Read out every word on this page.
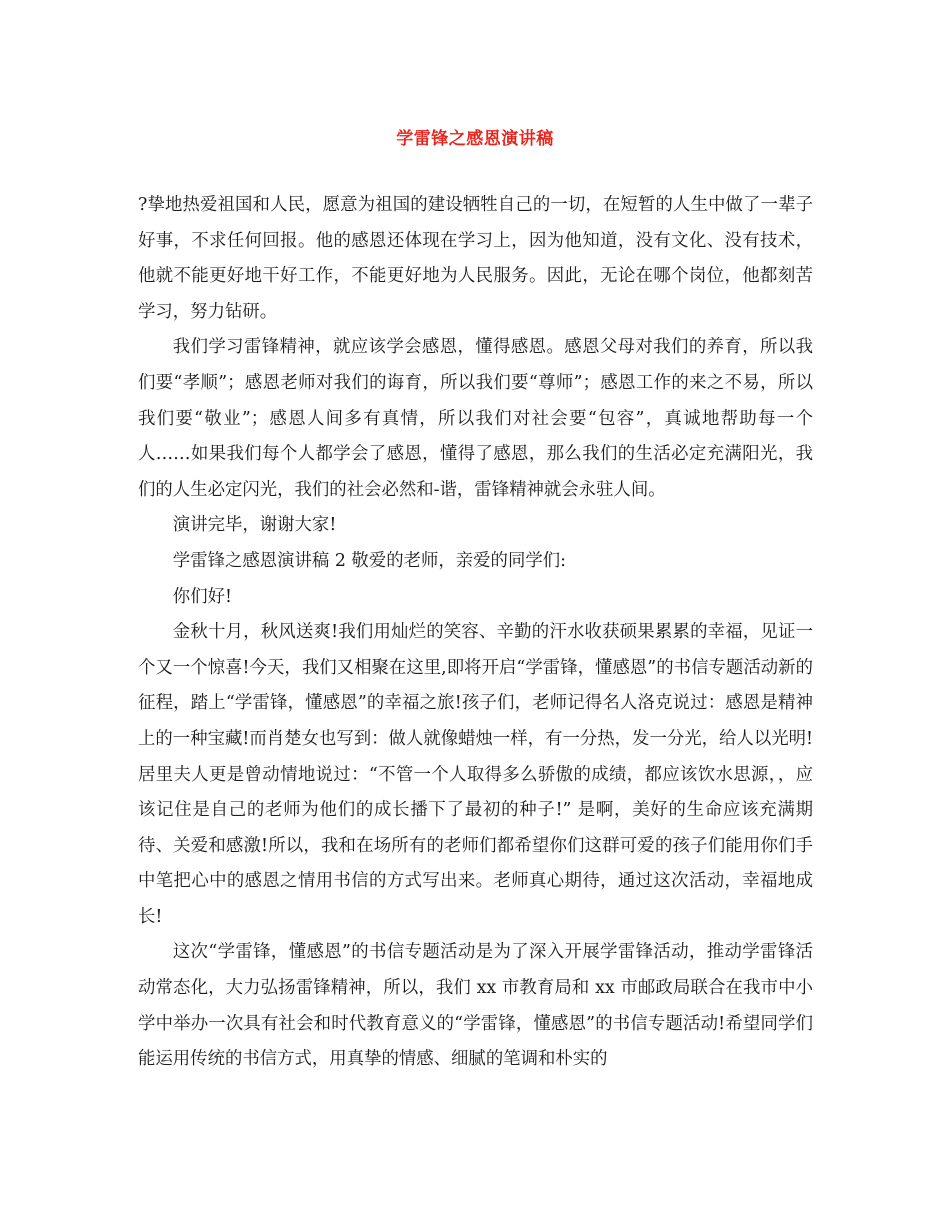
学雷锋之感恩演讲稿

?挚地热爱祖国和人民，愿意为祖国的建设牺牲自己的一切，在短暂的人生中做了一辈子好事，不求任何回报。他的感恩还体现在学习上，因为他知道，没有文化、没有技术，他就不能更好地干好工作，不能更好地为人民服务。因此，无论在哪个岗位，他都刻苦学习，努力钻研。

我们学习雷锋精神，就应该学会感恩，懂得感恩。感恩父母对我们的养育，所以我们要“孝顺”；感恩老师对我们的诲育，所以我们要“尊师”；感恩工作的来之不易，所以我们要“敬业”；感恩人间多有真情，所以我们对社会要“包容”，真诚地帮助每一个人……如果我们每个人都学会了感恩，懂得了感恩，那么我们的生活必定充满阳光，我们的人生必定闪光，我们的社会必然和-谐，雷锋精神就会永驻人间。

演讲完毕，谢谢大家!

学雷锋之感恩演讲稿 2 敬爱的老师，亲爱的同学们:

你们好!

金秋十月，秋风送爽!我们用灿烂的笑容、辛勤的汗水收获硕果累累的幸福，见证一个又一个惊喜!今天，我们又相聚在这里,即将开启“学雷锋，懂感恩”的书信专题活动新的征程，踏上“学雷锋，懂感恩”的幸福之旅!孩子们，老师记得名人洛克说过：感恩是精神上的一种宝藏!而肖楚女也写到：做人就像蜡烛一样，有一分热，发一分光，给人以光明!居里夫人更是曾动情地说过：“不管一个人取得多么骄傲的成绩，都应该饮水思源，，应该记住是自己的老师为他们的成长播下了最初的种子!” 是啊，美好的生命应该充满期待、关爱和感激!所以，我和在场所有的老师们都希望你们这群可爱的孩子们能用你们手中笔把心中的感恩之情用书信的方式写出来。老师真心期待，通过这次活动，幸福地成长!

这次“学雷锋，懂感恩”的书信专题活动是为了深入开展学雷锋活动，推动学雷锋活动常态化，大力弘扬雷锋精神，所以，我们 xx 市教育局和 xx 市邮政局联合在我市中小学中举办一次具有社会和时代教育意义的“学雷锋，懂感恩”的书信专题活动!希望同学们能运用传统的书信方式，用真挚的情感、细腻的笔调和朴实的
